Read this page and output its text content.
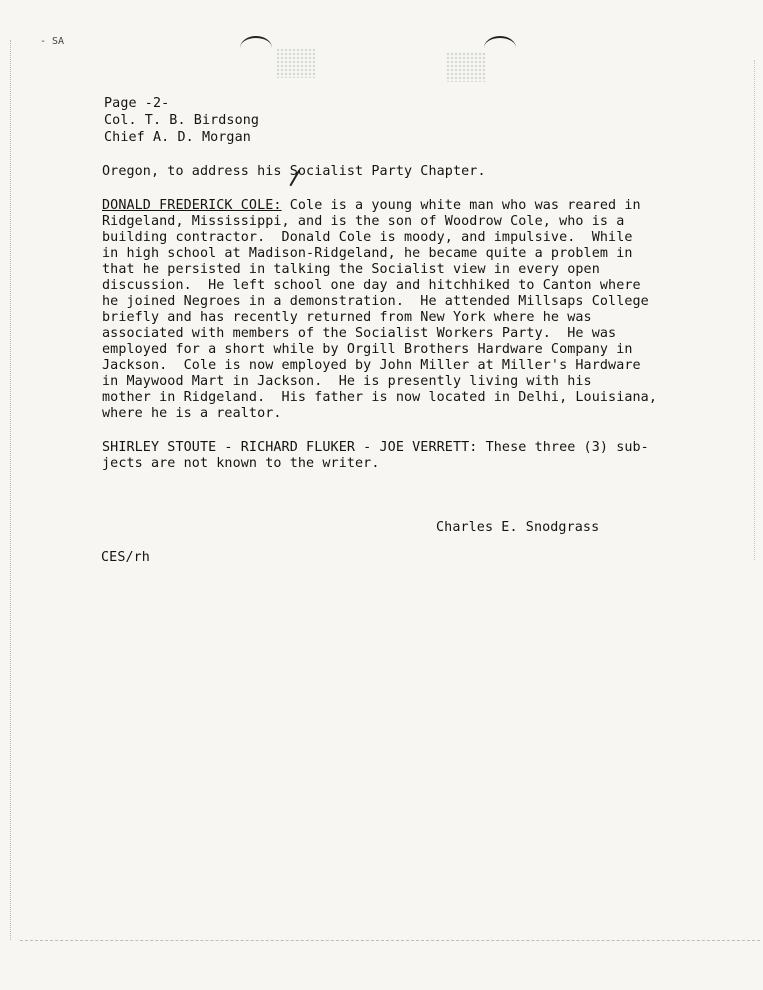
- SA
Page -2-
Col. T. B. Birdsong
Chief A. D. Morgan
Oregon, to address his Socialist Party Chapter.
DONALD FREDERICK COLE: Cole is a young white man who was reared in
Ridgeland, Mississippi, and is the son of Woodrow Cole, who is a
building contractor.  Donald Cole is moody, and impulsive.  While
in high school at Madison-Ridgeland, he became quite a problem in
that he persisted in talking the Socialist view in every open
discussion.  He left school one day and hitchhiked to Canton where
he joined Negroes in a demonstration.  He attended Millsaps College
briefly and has recently returned from New York where he was
associated with members of the Socialist Workers Party.  He was
employed for a short while by Orgill Brothers Hardware Company in
Jackson.  Cole is now employed by John Miller at Miller's Hardware
in Maywood Mart in Jackson.  He is presently living with his
mother in Ridgeland.  His father is now located in Delhi, Louisiana,
where he is a realtor.
SHIRLEY STOUTE - RICHARD FLUKER - JOE VERRETT: These three (3) sub-
jects are not known to the writer.
Charles E. Snodgrass
CES/rh
